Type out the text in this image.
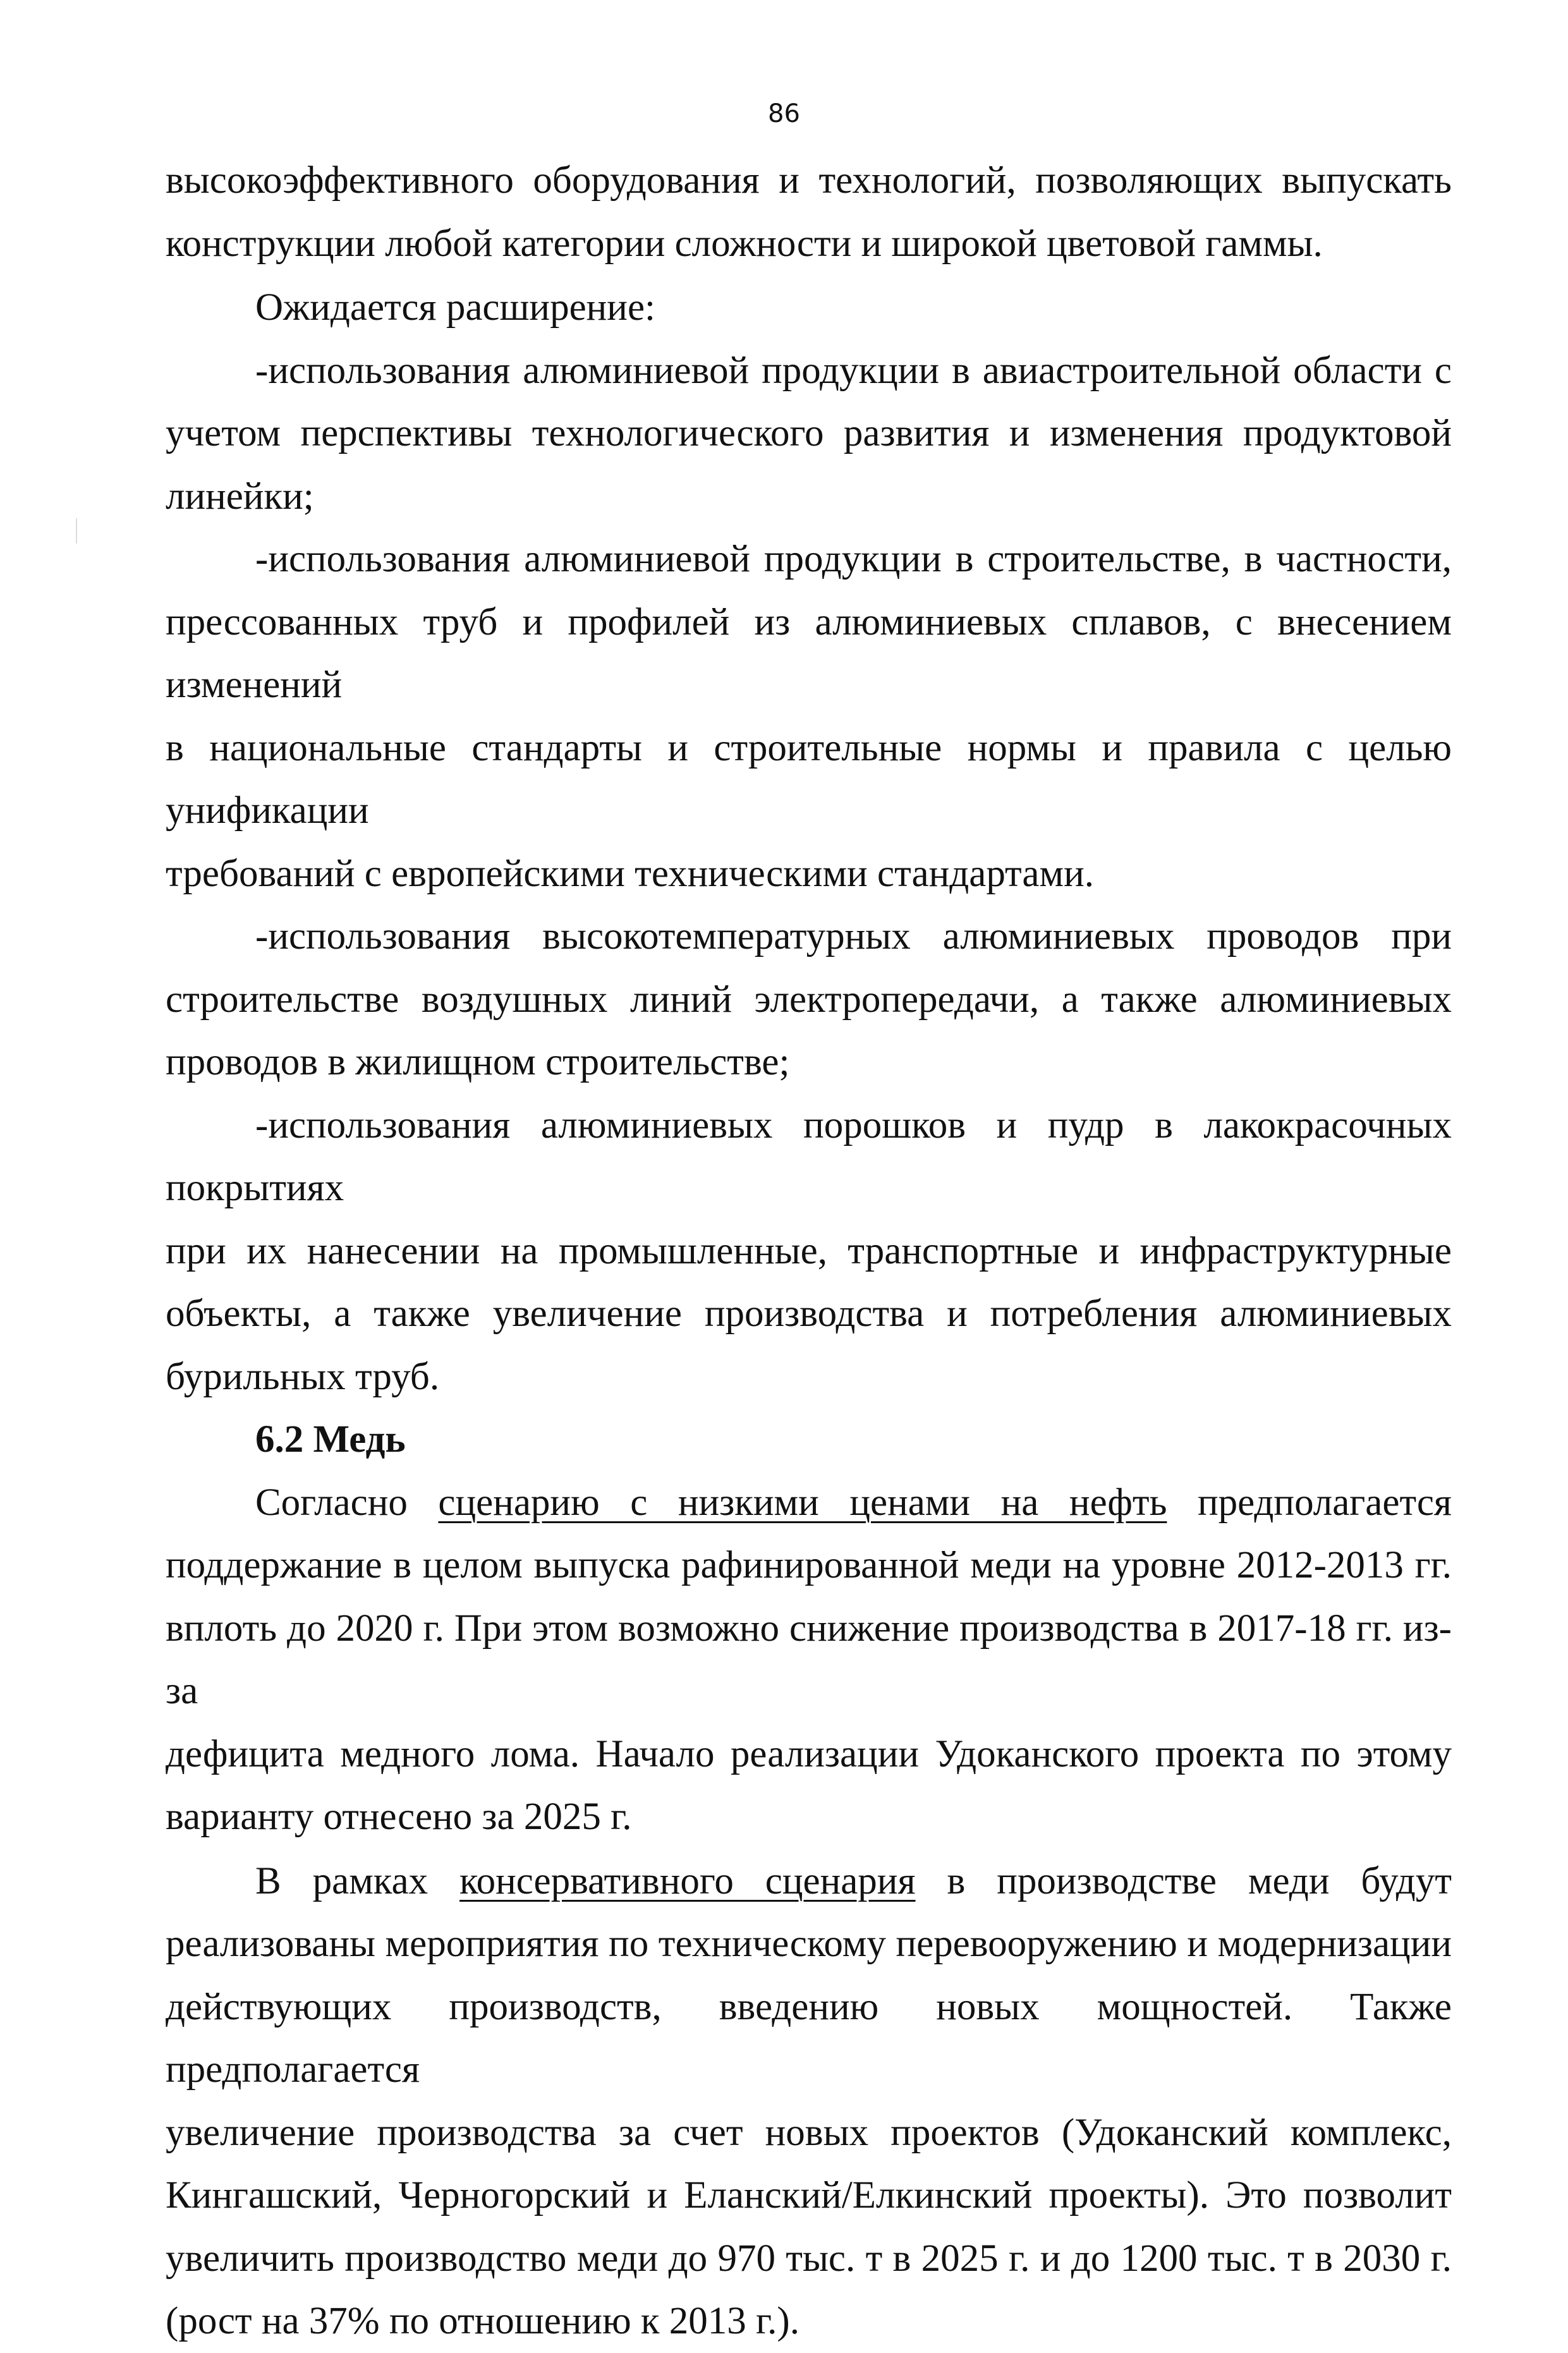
86

высокоэффективного оборудования и технологий, позволяющих выпускать
конструкции любой категории сложности и широкой цветовой гаммы.

Ожидается расширение:

-использования алюминиевой продукции в авиастроительной области с
учетом перспективы технологического развития и изменения продуктовой
линейки;

-использования алюминиевой продукции в строительстве, в частности,
прессованных труб и профилей из алюминиевых сплавов, с внесением изменений
в национальные стандарты и строительные нормы и правила с целью унификации
требований с европейскими техническими стандартами.

-использования высокотемпературных алюминиевых проводов при
строительстве воздушных линий электропередачи, а также алюминиевых
проводов в жилищном строительстве;

-использования алюминиевых порошков и пудр в лакокрасочных покрытиях
при их нанесении на промышленные, транспортные и инфраструктурные
объекты, а также увеличение производства и потребления алюминиевых
бурильных труб.

6.2 Медь

Согласно сценарию с низкими ценами на нефть предполагается
поддержание в целом выпуска рафинированной меди на уровне 2012-2013 гг.
вплоть до 2020 г. При этом возможно снижение производства в 2017-18 гг. из-за
дефицита медного лома. Начало реализации Удоканского проекта по этому
варианту отнесено за 2025 г.

В рамках консервативного сценария в производстве меди будут
реализованы мероприятия по техническому перевооружению и модернизации
действующих производств, введению новых мощностей. Также предполагается
увеличение производства за счет новых проектов (Удоканский комплекс,
Кингашский, Черногорский и Еланский/Елкинский проекты). Это позволит
увеличить производство меди до 970 тыс. т в 2025 г. и до 1200 тыс. т в 2030 г.
(рост на 37% по отношению к 2013 г.).
